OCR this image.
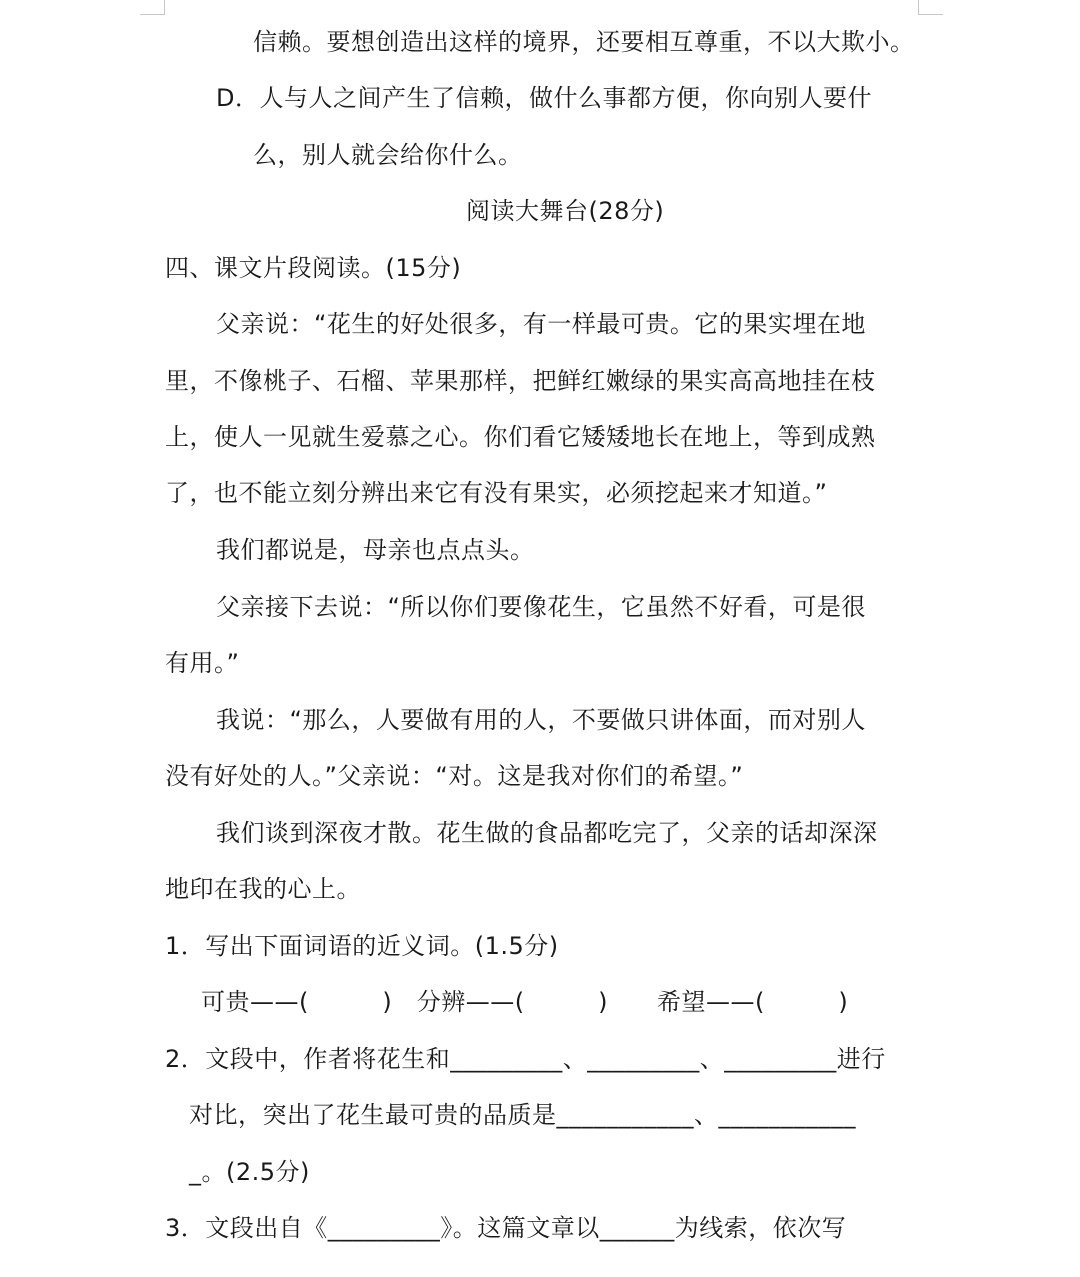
信赖。要想创造出这样的境界，还要相互尊重，不以大欺小。
D．人与人之间产生了信赖，做什么事都方便，你向别人要什
么，别人就会给你什么。
阅读大舞台(28分)
四、课文片段阅读。(15分)
父亲说：“花生的好处很多，有一样最可贵。它的果实埋在地
里，不像桃子、石榴、苹果那样，把鲜红嫩绿的果实高高地挂在枝
上，使人一见就生爱慕之心。你们看它矮矮地长在地上，等到成熟
了，也不能立刻分辨出来它有没有果实，必须挖起来才知道。”
我们都说是，母亲也点点头。
父亲接下去说：“所以你们要像花生，它虽然不好看，可是很
有用。”
我说：“那么，人要做有用的人，不要做只讲体面，而对别人
没有好处的人。”父亲说：“对。这是我对你们的希望。”
我们谈到深夜才散。花生做的食品都吃完了，父亲的话却深深
地印在我的心上。
1．写出下面词语的近义词。(1.5分)
可贵——(　　　)　分辨——(　　　)　　希望——(　　　)
2．文段中，作者将花生和_________、_________、_________进行
对比，突出了花生最可贵的品质是___________、___________
_。(2.5分)
3．文段出自《_________》。这篇文章以______为线索，依次写
